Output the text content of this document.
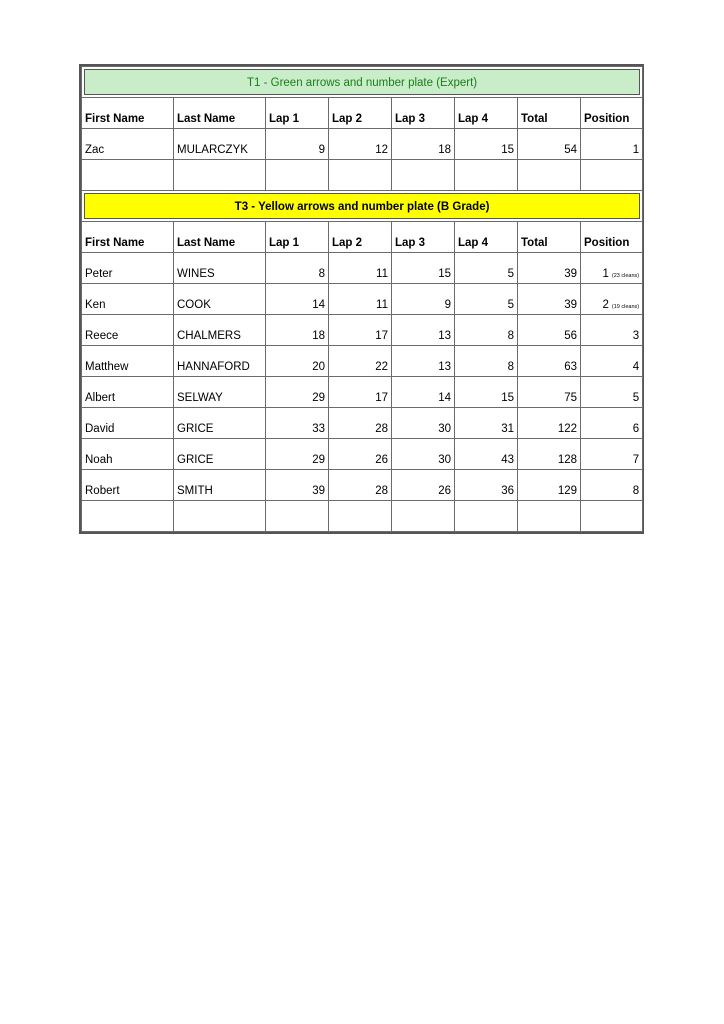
T1 - Green arrows and number plate (Expert)							

First Name	Last Name	Lap 1	Lap 2	Lap 3	Lap 4	Total	Position
Zac	MULARCZYK	9	12	18	15	54	1

T3 - Yellow arrows and number plate (B Grade)							

First Name	Last Name	Lap 1	Lap 2	Lap 3	Lap 4	Total	Position
Peter	WINES	8	11	15	5	39	1 (23 cleans)
Ken	COOK	14	11	9	5	39	2 (19 cleans)
Reece	CHALMERS	18	17	13	8	56	3
Matthew	HANNAFORD	20	22	13	8	63	4
Albert	SELWAY	29	17	14	15	75	5
David	GRICE	33	28	30	31	122	6
Noah	GRICE	29	26	30	43	128	7
Robert	SMITH	39	28	26	36	129	8
